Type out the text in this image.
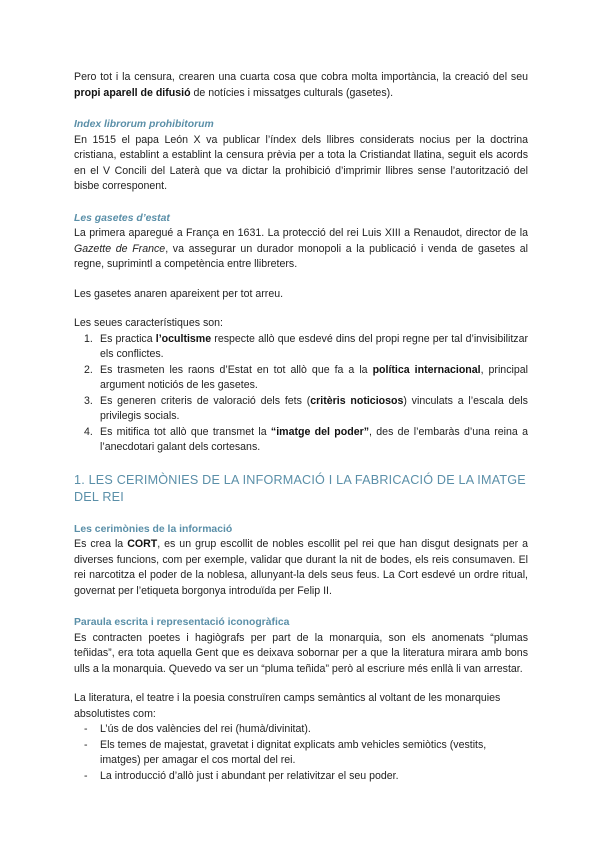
Pero tot i la censura, crearen una cuarta cosa que cobra molta importància, la creació del seu propi aparell de difusió de notícies i missatges culturals (gasetes).

Index librorum prohibitorum

En 1515 el papa León X va publicar l’índex dels llibres considerats nocius per la doctrina cristiana, establint a establint la censura prèvia per a tota la Cristiandat llatina, seguit els acords en el V Concili del Laterà que va dictar la prohibició d’imprimir llibres sense l’autorització del bisbe corresponent.

Les gasetes d’estat

La primera aparegué a França en 1631. La protecció del rei Luis XIII a Renaudot, director de la Gazette de France, va assegurar un durador monopoli a la publicació i venda de gasetes al regne, suprimintl a competència entre llibreters.

Les gasetes anaren apareixent per tot arreu.

Les seues característiques son:

1. Es practica l’ocultisme respecte allò que esdevé dins del propi regne per tal d’invisibilitzar els conflictes.
2. Es trasmeten les raons d’Estat en tot allò que fa a la política internacional, principal argument noticiós de les gasetes.
3. Es generen criteris de valoració dels fets (critèris noticiosos) vinculats a l’escala dels privilegis socials.
4. Es mitifica tot allò que transmet la “imatge del poder”, des de l’embaràs d’una reina a l’anecdotari galant dels cortesans.
1. LES CERIMÒNIES DE LA INFORMACIÓ I LA FABRICACIÓ DE LA IMATGE DEL REI
Les cerimònies de la informació

Es crea la CORT, es un grup escollit de nobles escollit pel rei que han disgut designats per a diverses funcions, com per exemple, validar que durant la nit de bodes, els reis consumaven. El rei narcotitza el poder de la noblesa, allunyant-la dels seus feus. La Cort esdevé un ordre ritual, governat per l’etiqueta borgonya introduïda per Felip II.

Paraula escrita i representació iconogràfica

Es contracten poetes i hagiògrafs per part de la monarquia, son els anomenats “plumas teñidas”, era tota aquella Gent que es deixava sobornar per a que la literatura mirara amb bons ulls a la monarquia. Quevedo va ser un “pluma teñida” però al escriure més enllà li van arrestar.

La literatura, el teatre i la poesia construïren camps semàntics al voltant de les monarquies absolutistes com:

- L’ús de dos valències del rei (humà/divinitat).
- Els temes de majestat, gravetat i dignitat explicats amb vehicles semiòtics (vestits, imatges) per amagar el cos mortal del rei.
- La introducció d’allò just i abundant per relativitzar el seu poder.
